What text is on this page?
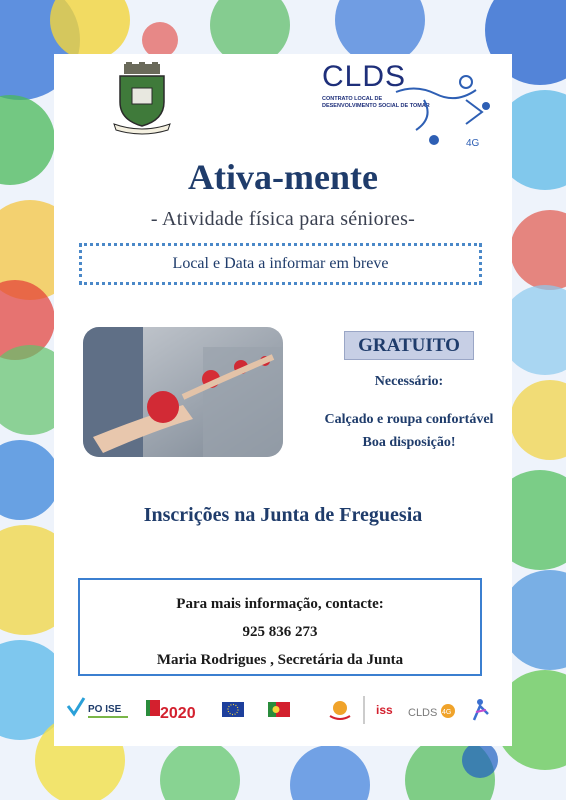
CLDS
CONTRATO LOCAL DE DESENVOLVIMENTO SOCIAL DE TOMAR
4G
Ativa-mente
- Atividade física para séniores-
Local e Data a informar em breve
GRATUITO
Necessário:
Calçado e roupa confortável
Boa disposição!
Inscrições na Junta de Freguesia
Para mais informação, contacte:
925 836 273
Maria Rodrigues , Secretária da Junta
PO ISE 2020	iss CLDS 4G
